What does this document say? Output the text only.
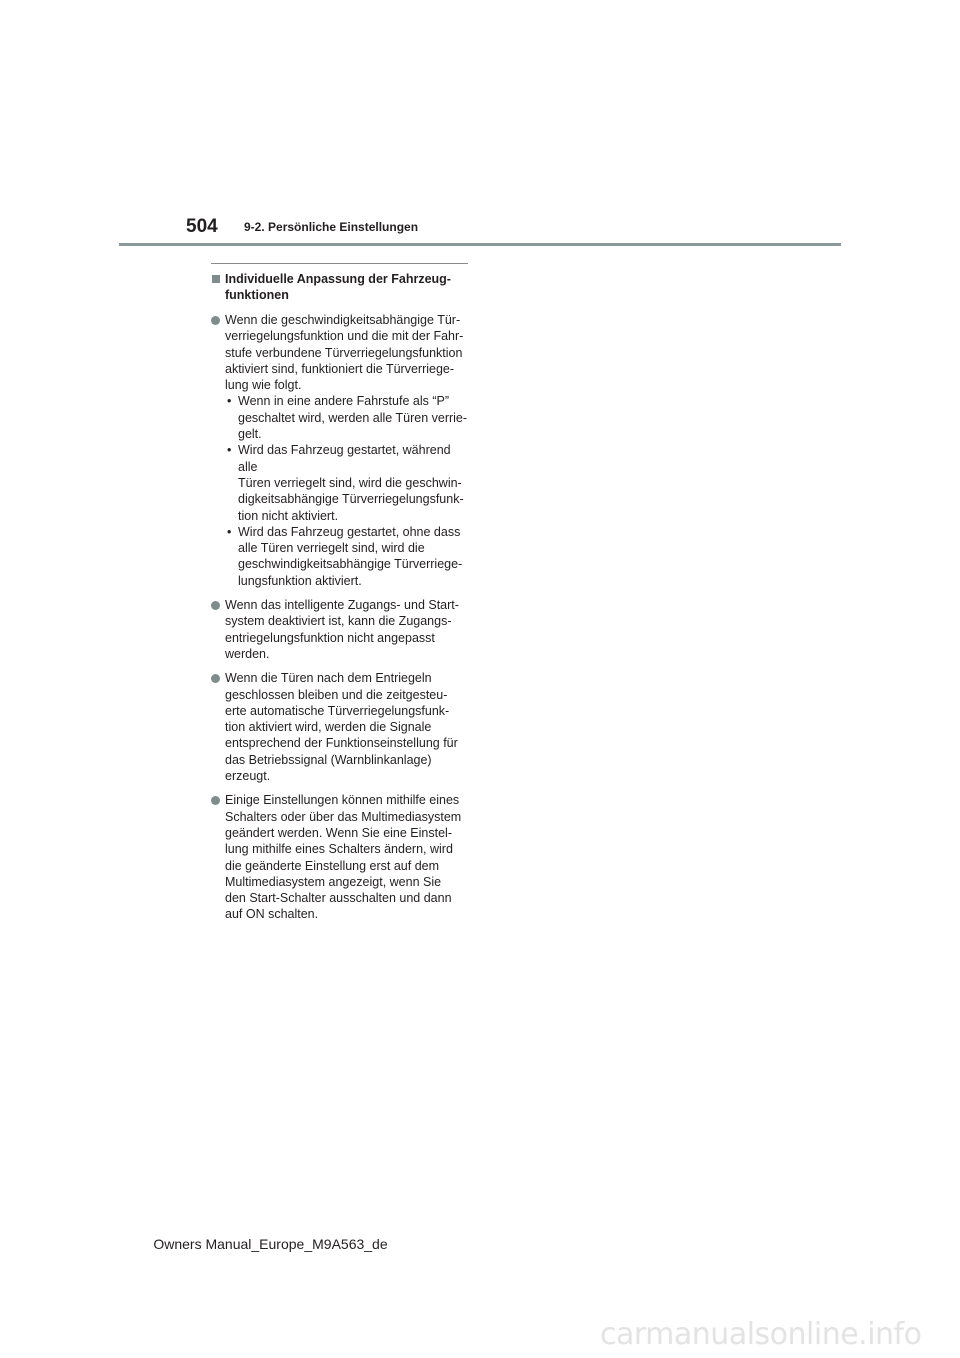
504 9-2. Persönliche Einstellungen
Individuelle Anpassung der Fahrzeug-
funktionen

Wenn die geschwindigkeitsabhängige Tür-
verriegelungsfunktion und die mit der Fahr-
stufe verbundene Türverriegelungsfunktion
aktiviert sind, funktioniert die Türverriege-
lung wie folgt.

• Wenn in eine andere Fahrstufe als “P”
geschaltet wird, werden alle Türen verrie-
gelt.

• Wird das Fahrzeug gestartet, während alle
Türen verriegelt sind, wird die geschwin-
digkeitsabhängige Türverriegelungsfunk-
tion nicht aktiviert.

• Wird das Fahrzeug gestartet, ohne dass
alle Türen verriegelt sind, wird die
geschwindigkeitsabhängige Türverriege-
lungsfunktion aktiviert.

Wenn das intelligente Zugangs- und Start-
system deaktiviert ist, kann die Zugangs-
entriegelungsfunktion nicht angepasst
werden.

Wenn die Türen nach dem Entriegeln
geschlossen bleiben und die zeitgesteu-
erte automatische Türverriegelungsfunk-
tion aktiviert wird, werden die Signale
entsprechend der Funktionseinstellung für
das Betriebssignal (Warnblinkanlage)
erzeugt.

Einige Einstellungen können mithilfe eines
Schalters oder über das Multimediasystem
geändert werden. Wenn Sie eine Einstel-
lung mithilfe eines Schalters ändern, wird
die geänderte Einstellung erst auf dem
Multimediasystem angezeigt, wenn Sie
den Start-Schalter ausschalten und dann
auf ON schalten.

Owners Manual_Europe_M9A563_de
carmanualsonline.info
